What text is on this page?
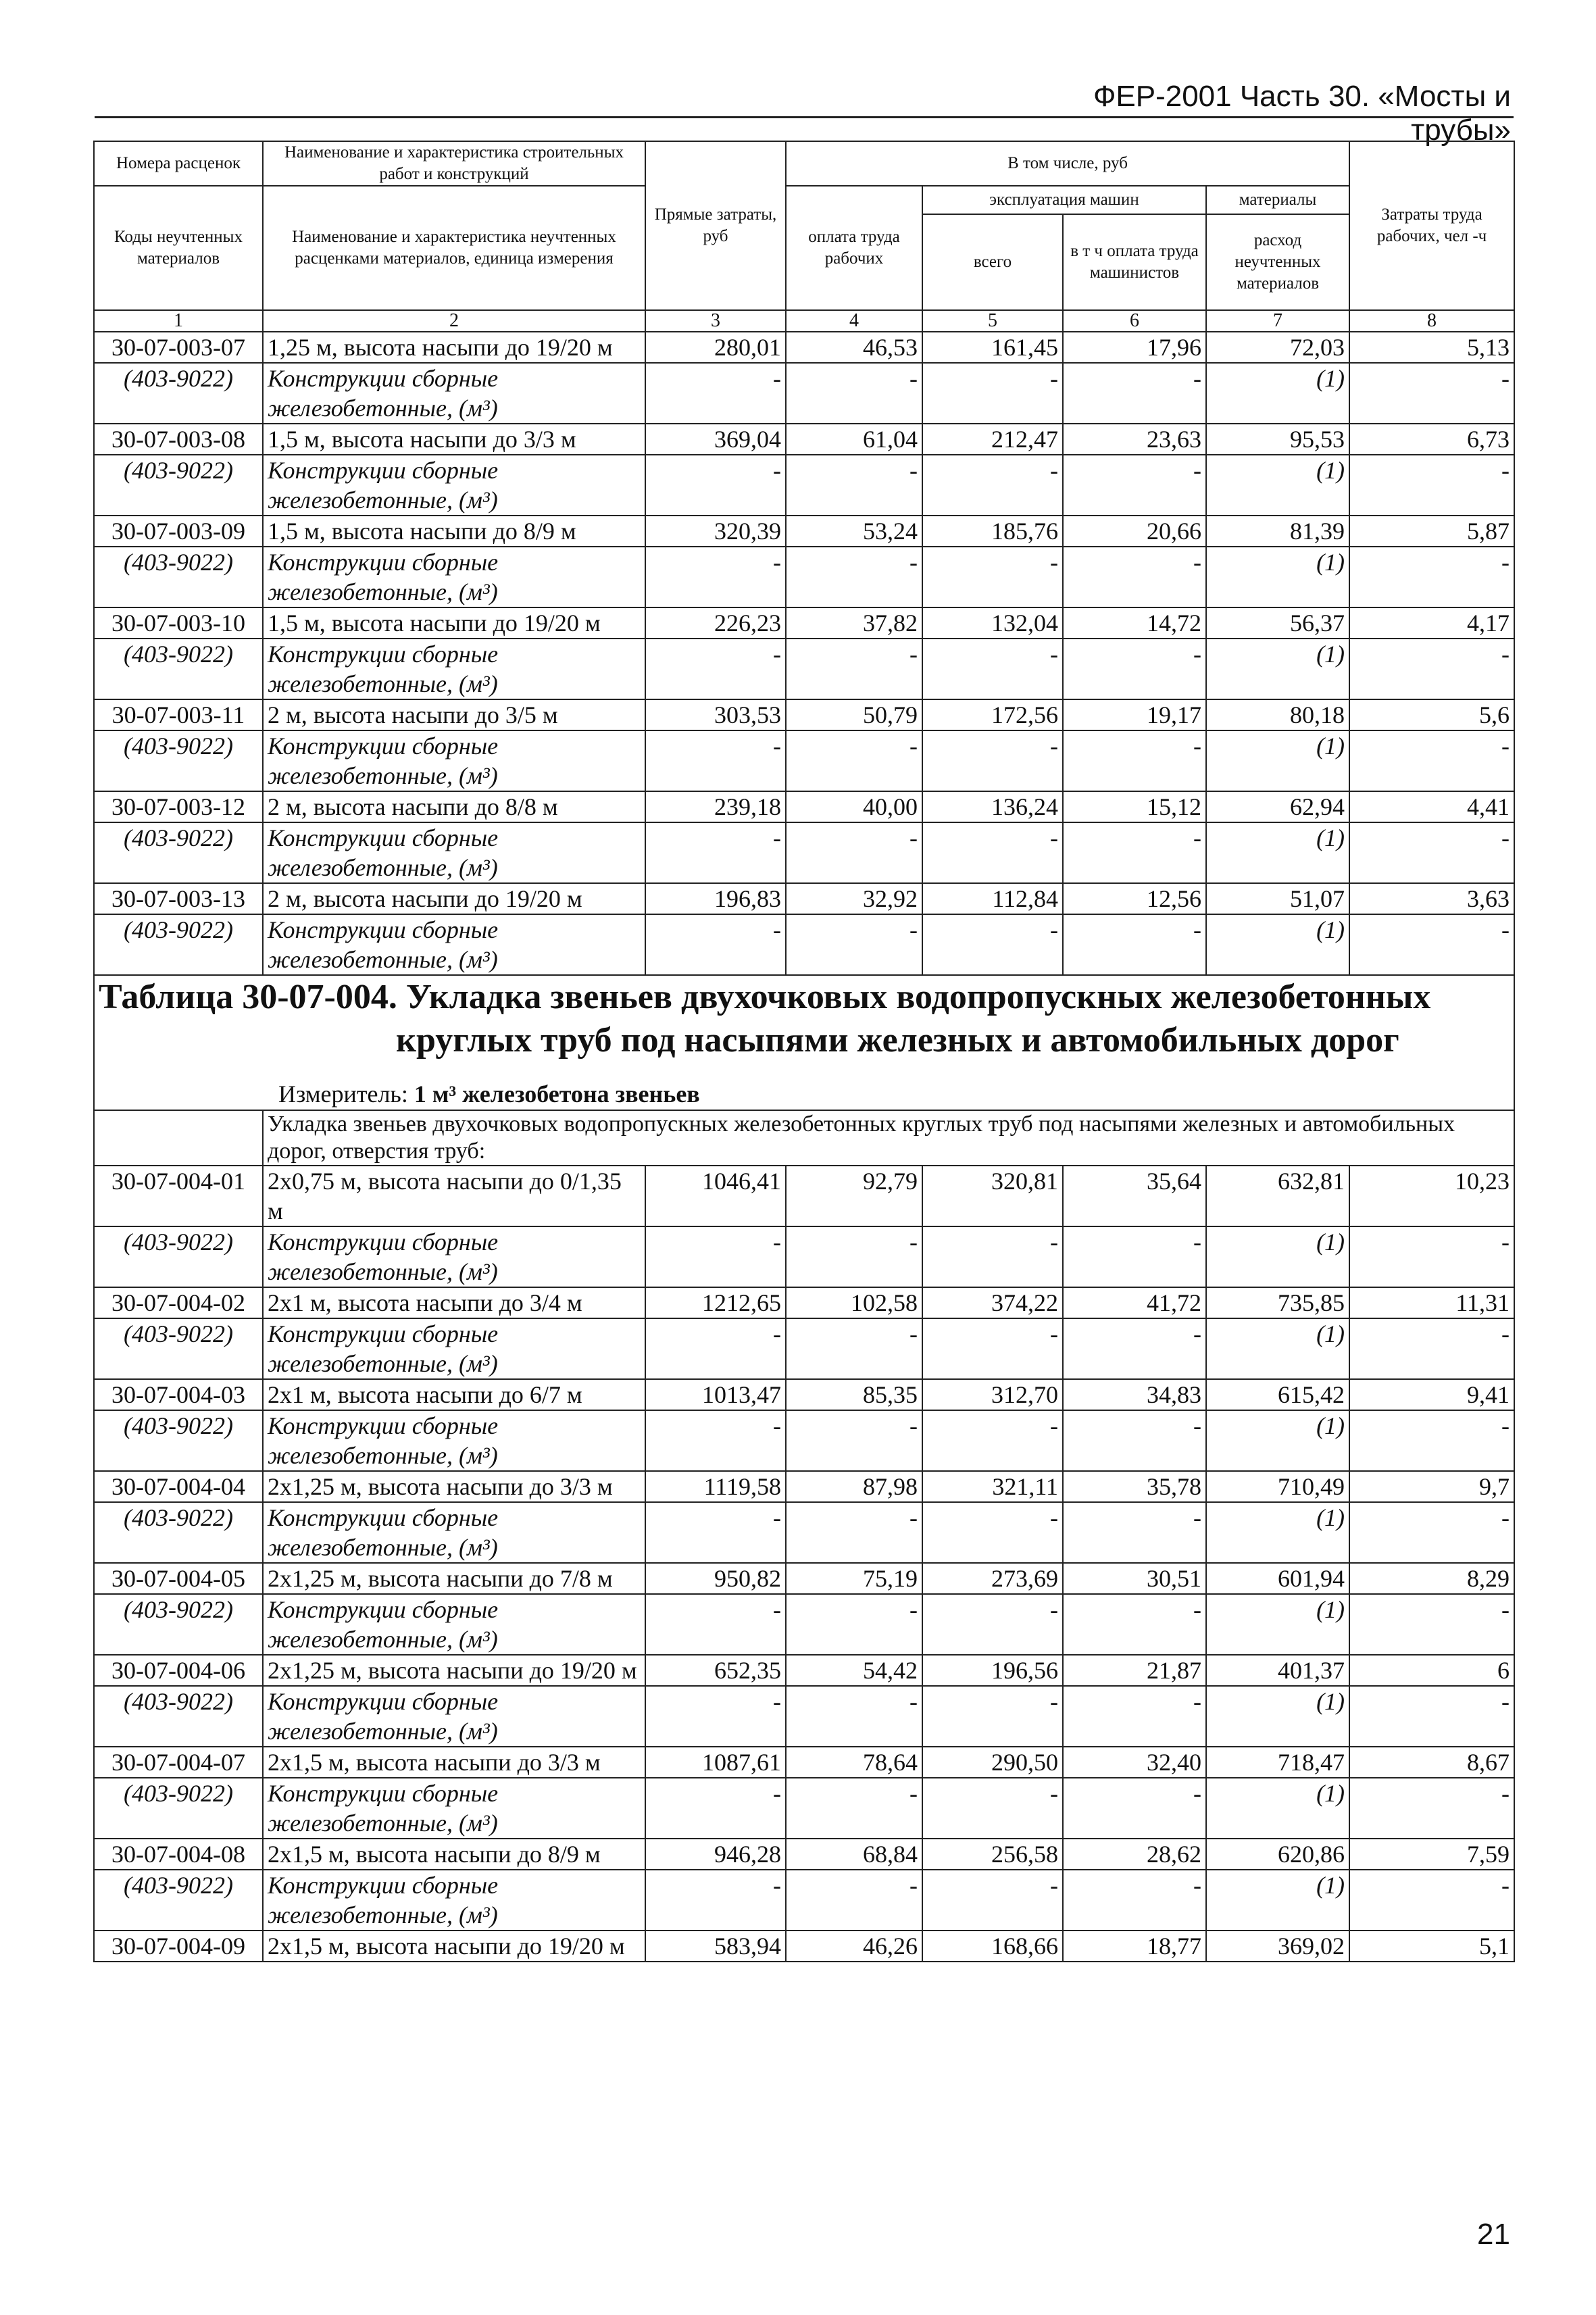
ФЕР-2001 Часть 30. «Мосты и трубы»
Номера расценок	Наименование и характеристика строительных работ и конструкций	Прямые затраты, руб	В том числе, руб				Затраты труда рабочих, чел -ч
Коды неучтенных материалов	Наименование и характеристика неучтенных расценками материалов, единица измерения		оплата труда рабочих	эксплуатация машин		материалы	
				всего	в т ч оплата труда машинистов	расход неучтенных материалов	
1	2	3	4	5	6	7	8
30-07-003-07	1,25 м, высота насыпи до 19/20 м	280,01	46,53	161,45	17,96	72,03	5,13
(403-9022)	Конструкции сборные железобетонные, (м³)	-	-	-	-	(1)	-
30-07-003-08	1,5 м, высота насыпи до 3/3 м	369,04	61,04	212,47	23,63	95,53	6,73
(403-9022)	Конструкции сборные железобетонные, (м³)	-	-	-	-	(1)	-
30-07-003-09	1,5 м, высота насыпи до 8/9 м	320,39	53,24	185,76	20,66	81,39	5,87
(403-9022)	Конструкции сборные железобетонные, (м³)	-	-	-	-	(1)	-
30-07-003-10	1,5 м, высота насыпи до 19/20 м	226,23	37,82	132,04	14,72	56,37	4,17
(403-9022)	Конструкции сборные железобетонные, (м³)	-	-	-	-	(1)	-
30-07-003-11	2 м, высота насыпи до 3/5 м	303,53	50,79	172,56	19,17	80,18	5,6
(403-9022)	Конструкции сборные железобетонные, (м³)	-	-	-	-	(1)	-
30-07-003-12	2 м, высота насыпи до 8/8 м	239,18	40,00	136,24	15,12	62,94	4,41
(403-9022)	Конструкции сборные железобетонные, (м³)	-	-	-	-	(1)	-
30-07-003-13	2 м, высота насыпи до 19/20 м	196,83	32,92	112,84	12,56	51,07	3,63
(403-9022)	Конструкции сборные железобетонные, (м³)	-	-	-	-	(1)	-

Таблица 30-07-004. Укладка звеньев двухочковых водопропускных железобетонных
круглых труб под насыпями железных и автомобильных дорог
Измеритель: 1 м³ железобетона звеньев							

	Укладка звеньев двухочковых водопропускных железобетонных круглых труб под насыпями железных и автомобильных дорог, отверстия труб:						
30-07-004-01	2х0,75 м, высота насыпи до 0/1,35 м	1046,41	92,79	320,81	35,64	632,81	10,23
(403-9022)	Конструкции сборные железобетонные, (м³)	-	-	-	-	(1)	-
30-07-004-02	2х1 м, высота насыпи до 3/4 м	1212,65	102,58	374,22	41,72	735,85	11,31
(403-9022)	Конструкции сборные железобетонные, (м³)	-	-	-	-	(1)	-
30-07-004-03	2х1 м, высота насыпи до 6/7 м	1013,47	85,35	312,70	34,83	615,42	9,41
(403-9022)	Конструкции сборные железобетонные, (м³)	-	-	-	-	(1)	-
30-07-004-04	2х1,25 м, высота насыпи до 3/3 м	1119,58	87,98	321,11	35,78	710,49	9,7
(403-9022)	Конструкции сборные железобетонные, (м³)	-	-	-	-	(1)	-
30-07-004-05	2х1,25 м, высота насыпи до 7/8 м	950,82	75,19	273,69	30,51	601,94	8,29
(403-9022)	Конструкции сборные железобетонные, (м³)	-	-	-	-	(1)	-
30-07-004-06	2х1,25 м, высота насыпи до 19/20 м	652,35	54,42	196,56	21,87	401,37	6
(403-9022)	Конструкции сборные железобетонные, (м³)	-	-	-	-	(1)	-
30-07-004-07	2х1,5 м, высота насыпи до 3/3 м	1087,61	78,64	290,50	32,40	718,47	8,67
(403-9022)	Конструкции сборные железобетонные, (м³)	-	-	-	-	(1)	-
30-07-004-08	2х1,5 м, высота насыпи до 8/9 м	946,28	68,84	256,58	28,62	620,86	7,59
(403-9022)	Конструкции сборные железобетонные, (м³)	-	-	-	-	(1)	-
30-07-004-09	2х1,5 м, высота насыпи до 19/20 м	583,94	46,26	168,66	18,77	369,02	5,1
21
